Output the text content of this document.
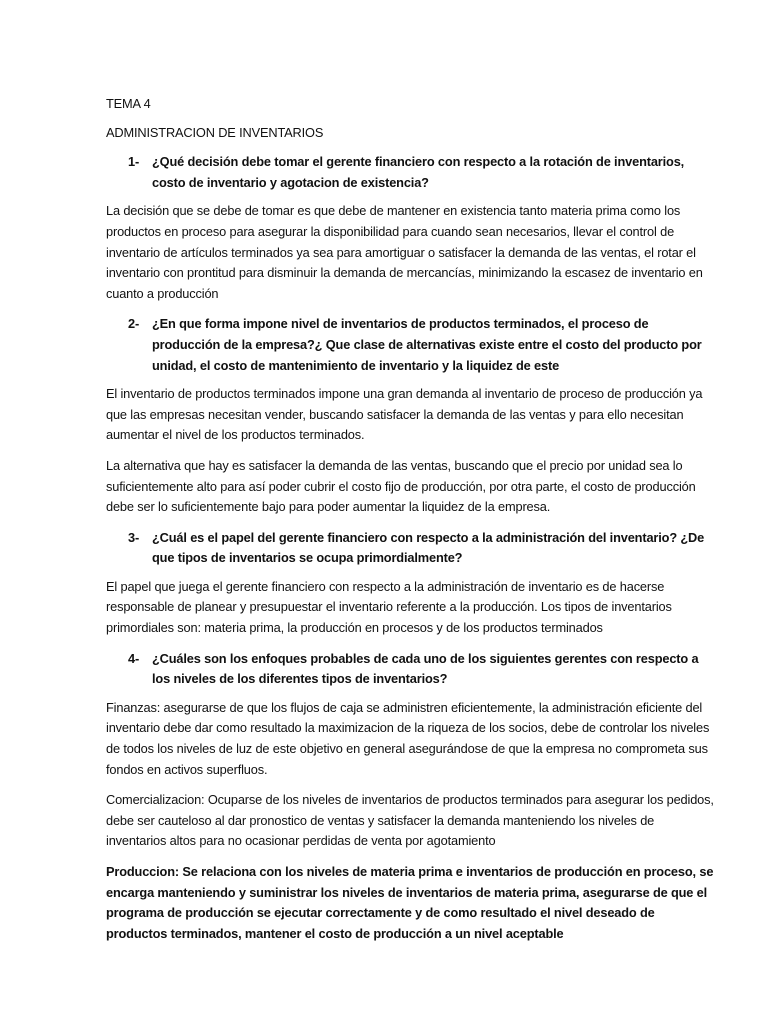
TEMA 4
ADMINISTRACION DE INVENTARIOS
1- ¿Qué decisión debe tomar el gerente financiero con respecto a la rotación de inventarios, costo de inventario y agotacion de existencia?
La decisión que se debe de tomar es que debe de mantener en existencia tanto materia prima como los productos en proceso para asegurar la disponibilidad para cuando sean necesarios, llevar el control de inventario de artículos terminados ya sea para amortiguar o satisfacer la demanda de las ventas, el rotar el inventario con prontitud para disminuir la demanda de mercancías, minimizando la escasez de inventario en cuanto a producción
2- ¿En que forma impone nivel de inventarios de productos terminados, el proceso de producción de la empresa?¿ Que clase de alternativas existe entre el costo del producto por unidad, el costo de mantenimiento de inventario y la liquidez de este
El inventario de productos terminados impone una gran demanda al inventario de proceso de producción ya que las empresas necesitan vender, buscando satisfacer la demanda de las ventas y para ello necesitan aumentar el nivel de los productos terminados.
La alternativa que hay es satisfacer la demanda de las ventas, buscando que el precio por unidad sea lo suficientemente alto para así poder cubrir el costo fijo de producción, por otra parte, el costo de producción debe ser lo suficientemente bajo para poder aumentar la liquidez de la empresa.
3- ¿Cuál es el papel del gerente financiero con respecto a la administración del inventario? ¿De que tipos de inventarios se ocupa primordialmente?
El papel que juega el gerente financiero con respecto a la administración de inventario es de hacerse responsable de planear y presupuestar el inventario referente a la producción. Los tipos de inventarios primordiales son: materia prima, la producción en procesos y de los productos terminados
4- ¿Cuáles son los enfoques probables de cada uno de los siguientes gerentes con respecto a los niveles de los diferentes tipos de inventarios?
Finanzas: asegurarse de que los flujos de caja se administren eficientemente, la administración eficiente del inventario debe dar como resultado la maximizacion de la riqueza de los socios, debe de controlar los niveles de todos los niveles de luz de este objetivo en general asegurándose de que la empresa no comprometa sus fondos en activos superfluos.
Comercializacion: Ocuparse de los niveles de inventarios de productos terminados para asegurar los pedidos, debe ser cauteloso al dar pronostico de ventas y satisfacer la demanda manteniendo los niveles de inventarios altos para no ocasionar perdidas de venta por agotamiento
Produccion: Se relaciona con los niveles de materia prima e inventarios de producción en proceso, se encarga manteniendo y suministrar los niveles de inventarios de materia prima, asegurarse de que el programa de producción se ejecutar correctamente y de como resultado el nivel deseado de productos terminados, mantener el costo de producción a un nivel aceptable
